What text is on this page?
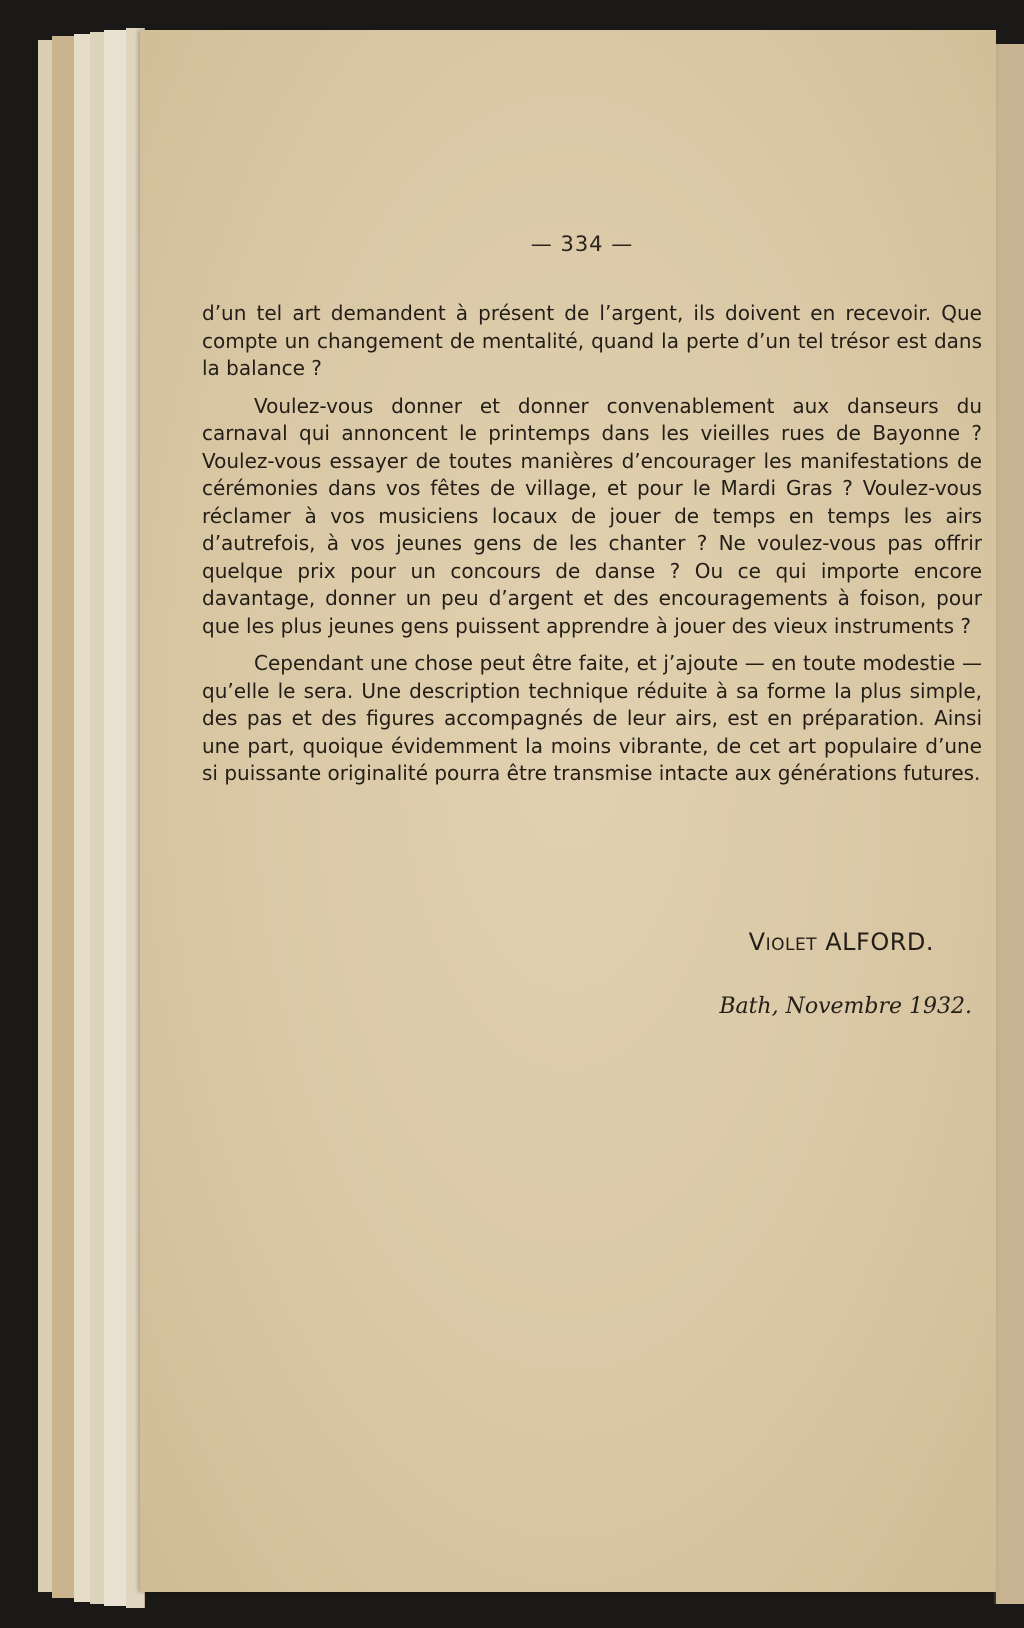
— 334 —

d’un tel art demandent à présent de l’argent, ils doivent en recevoir. Que compte un changement de mentalité, quand la perte d’un tel trésor est dans la balance ?

Voulez-vous donner et donner convenablement aux danseurs du carnaval qui annoncent le printemps dans les vieilles rues de Bayonne ? Voulez-vous essayer de toutes manières d’encourager les manifestations de cérémonies dans vos fêtes de village, et pour le Mardi Gras ? Voulez-vous réclamer à vos musiciens locaux de jouer de temps en temps les airs d’autrefois, à vos jeunes gens de les chanter ? Ne voulez-vous pas offrir quelque prix pour un concours de danse ? Ou ce qui importe encore davantage, donner un peu d’argent et des encouragements à foison, pour que les plus jeunes gens puissent apprendre à jouer des vieux instruments ?

Cependant une chose peut être faite, et j’ajoute — en toute modestie — qu’elle le sera. Une description technique réduite à sa forme la plus simple, des pas et des figures accompagnés de leur airs, est en préparation. Ainsi une part, quoique évidemment la moins vibrante, de cet art populaire d’une si puissante originalité pourra être transmise intacte aux générations futures.

Violet ALFORD.
Bath, Novembre 1932.
